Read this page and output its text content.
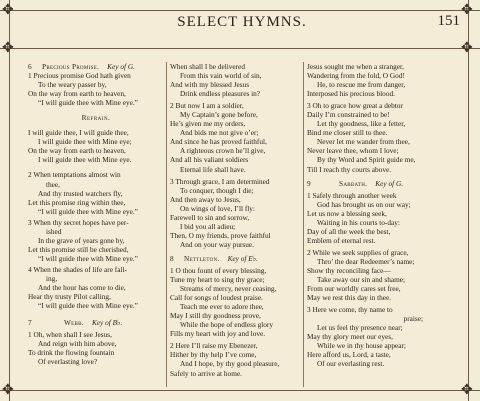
✥	✥
✥	✥
✥	✥
SELECT HYMNS.	151
6 Precious Promise. Key of G.
1 Precious promise God hath given
To the weary passer by,
On the way from earth to heaven,
“I will guide thee with Mine eye.”
Refrain.
I will guide thee, I will guide thee,
I will guide thee with Mine eye;
On the way from earth to heaven,
I will guide thee with Mine eye.
2 When temptations almost win
thee,
And thy trusted watchers fly,
Let this promise ring within thee,
“I will guide thee with Mine eye.”
3 When thy secret hopes have per-
ished
In the grave of years gone by,
Let this promise still be cherished,
“I will guide thee with Mine eye.”
4 When the shades of life are fall-
ing,
And the hour has come to die,
Hear thy trusty Pilot calling,
“I will guide thee with Mine eye.”
7	Webb. Key of B♭.
1 Oh, when shall I see Jesus,
And reign with him above,
To drink the flowing fountain
Of everlasting love?
When shall I be delivered
From this vain world of sin,
And with my blessed Jesus
Drink endless pleasures in?
2 But now I am a soldier,
My Captain’s gone before,
He’s given me my orders,
And bids me not give o’er;
And since he has proved faithful,
A righteous crown he’ll give,
And all his valiant soldiers
Eternal life shall have.
3 Through grace, I am determined
To conquer, though I die;
And then away to Jesus,
On wings of love, I’ll fly:
Farewell to sin and sorrow,
I bid you all adieu;
Then, O my friends, prove faithful
And on your way pursue.
8 Nettleton. Key of E♭.
1 O thou fount of every blessing,
Tune my heart to sing thy grace;
Streams of mercy, never ceasing,
Call for songs of loudest praise.
Teach me ever to adore thee,
May I still thy goodness prove,
While the hope of endless glory
Fills my heart with joy and love.
2 Here I’ll raise my Ebenezer,
Hither by thy help I’ve come,
And I hope, by thy good pleasure,
Safely to arrive at home.
Jesus sought me when a stranger,
Wandering from the fold, O God!
He, to rescue me from danger,
Interposed his precious blood.
3 Oh to grace how great a debtor
Daily I’m constrained to be!
Let thy goodness, like a fetter,
Bind me closer still to thee.
Never let me wander from thee,
Never leave thee, whom I love;
By thy Word and Spirit guide me,
Till I reach thy courts above.
9	Sabbath. Key of G.
1 Safely through another week
God has brought us on our way;
Let us now a blessing seek,
Waiting in his courts to-day:
Day of all the week the best,
Emblem of eternal rest.
2 While we seek supplies of grace,
Thro’ the dear Redeemer’s name;
Show thy reconciling face—
Take away our sin and shame;
From our worldly cares set free,
May we rest this day in thee.
3 Here we come, thy name to
praise;
Let us feel thy presence near;
May thy glory meet our eyes,
While we in thy house appear;
Here afford us, Lord, a taste,
Of our everlasting rest.
